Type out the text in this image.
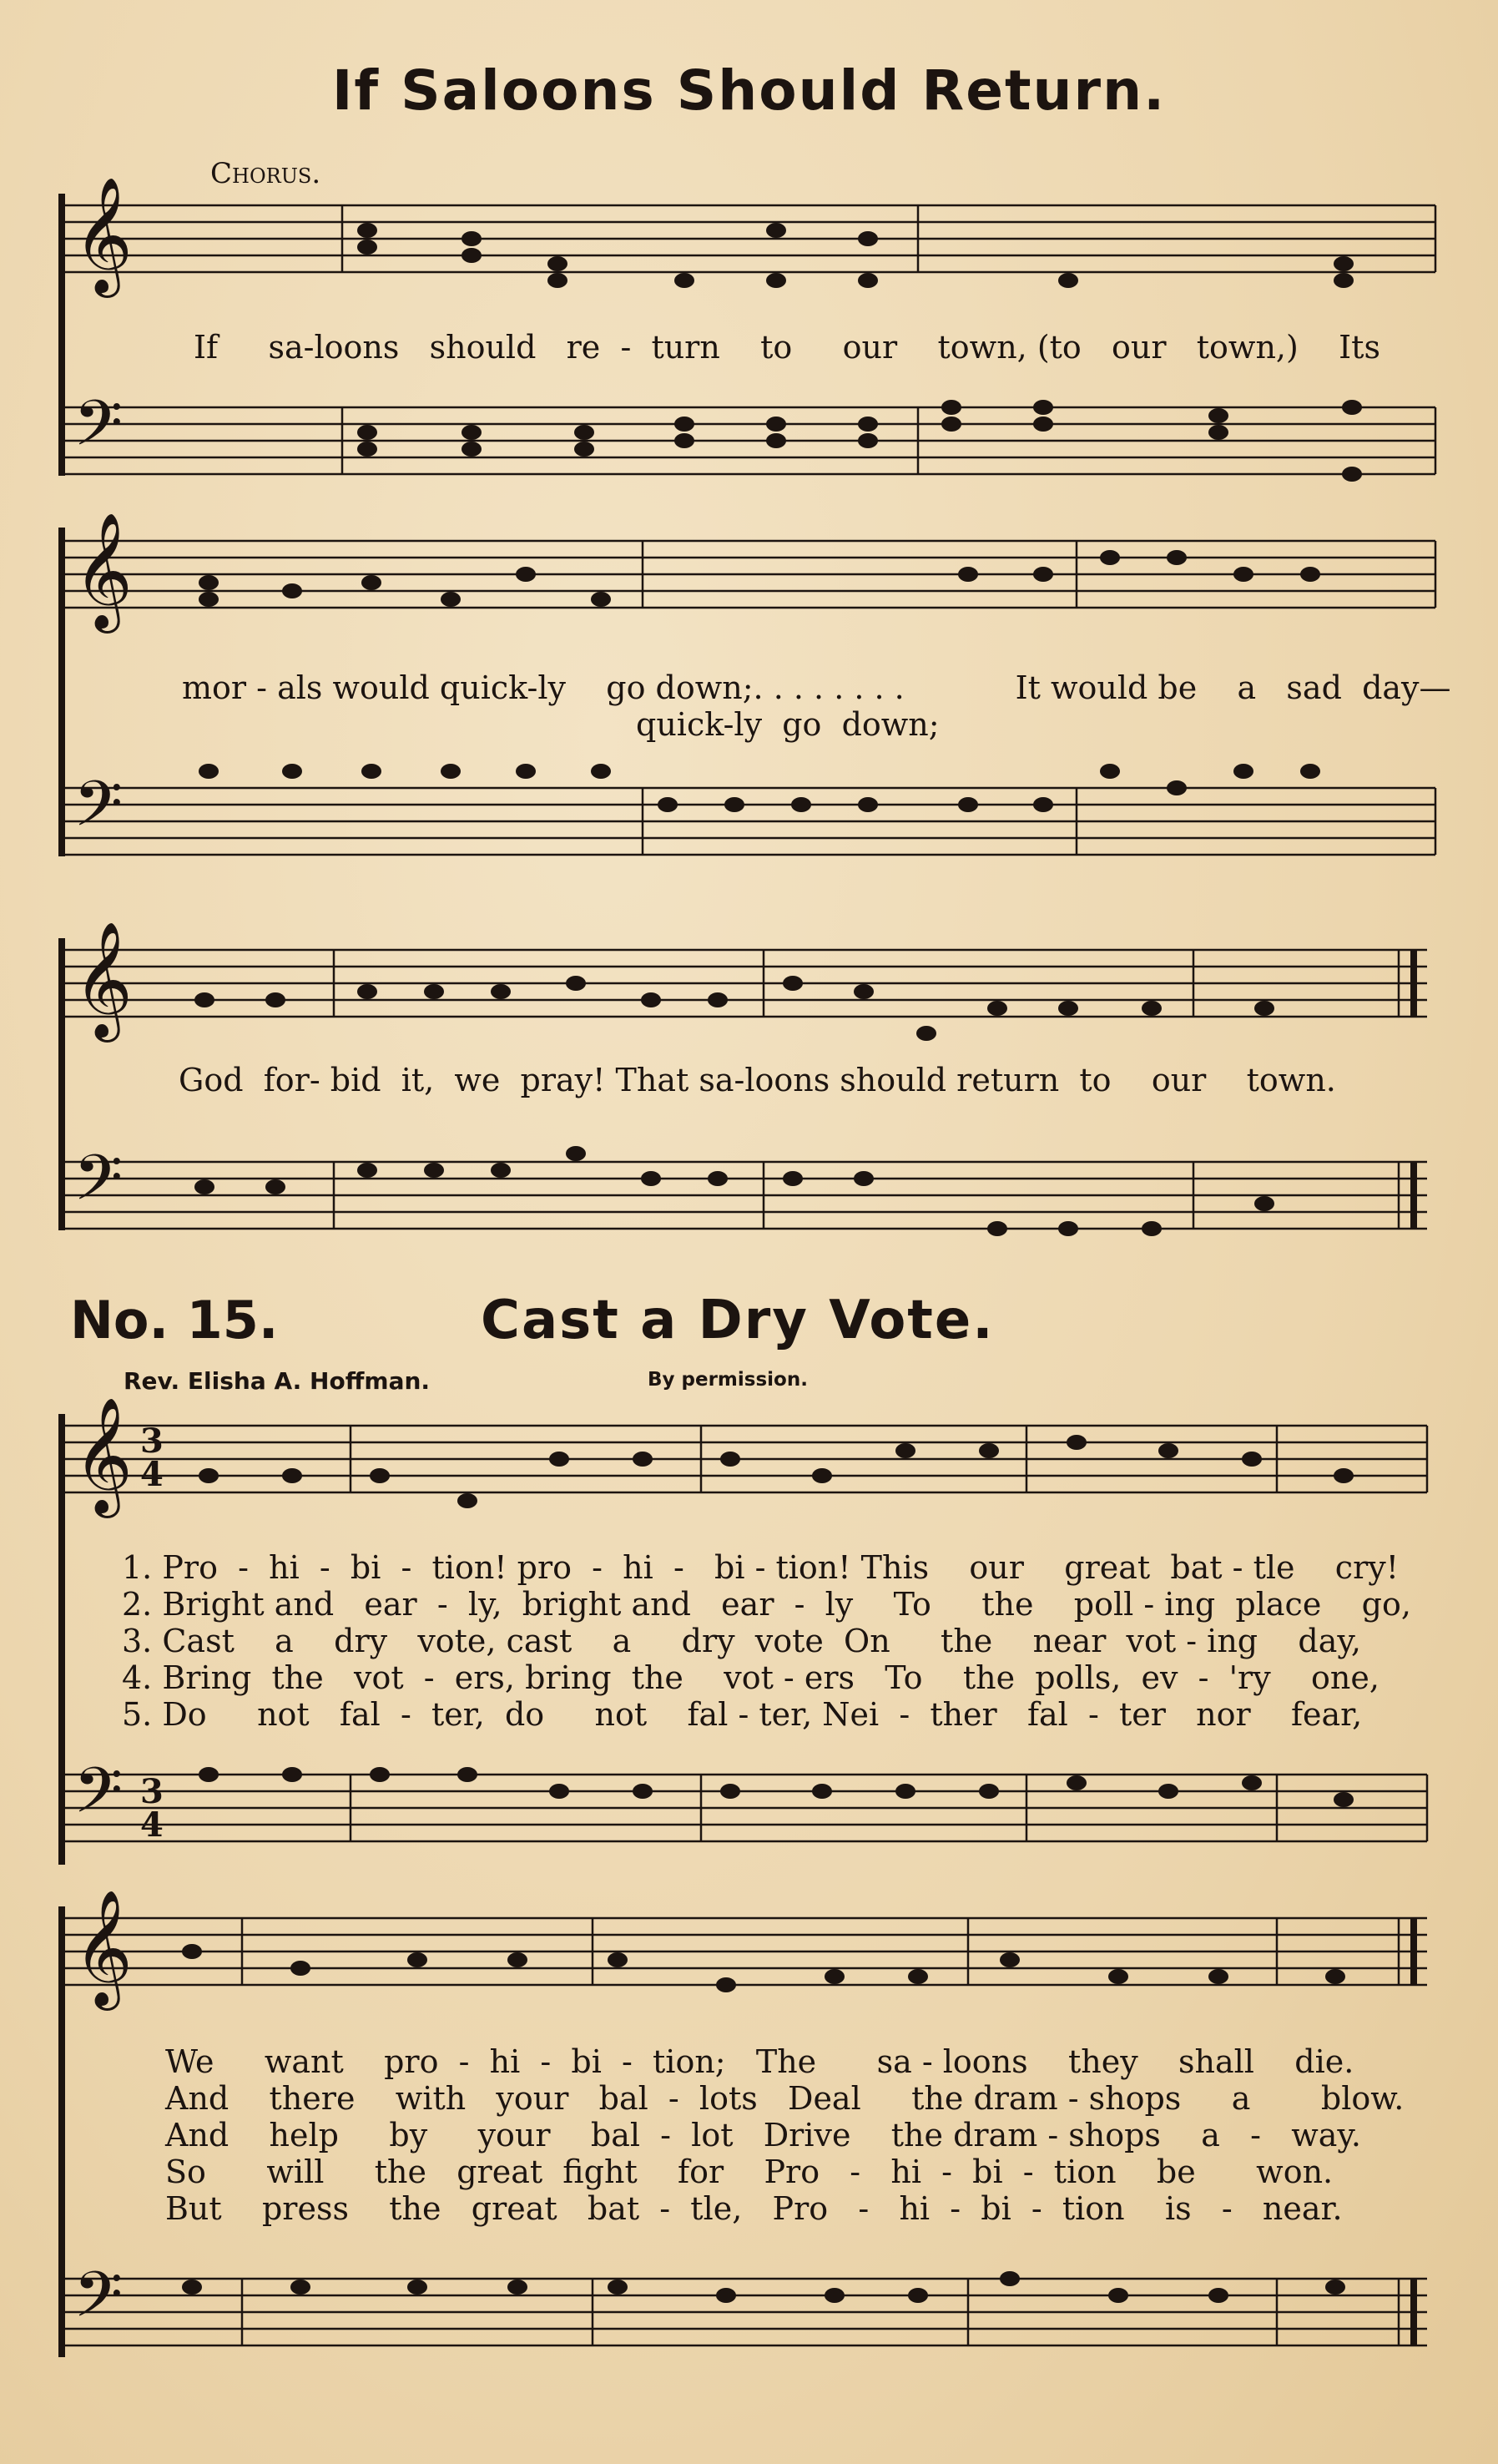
𝄞
𝄢
𝄞
𝄢
𝄞
𝄢
𝄞
𝄢
3
4
3
4
𝄞
𝄢
If Saloons Should Return.
Chorus.
If     sa-loons   should   re  -  turn    to     our    town, (to   our   town,)    Its
mor - als would quick-ly    go down;. . . . . . . .           It would be    a   sad  day—
quick-ly  go  down;
God  for- bid  it,  we  pray! That sa-loons should return  to    our    town.
No. 15.	Cast a Dry Vote.
Rev. Elisha A. Hoffman.	By permission.
1. Pro  -  hi  -  bi  -  tion! pro  -  hi  -   bi - tion! This    our    great  bat - tle    cry!
2. Bright and   ear  -  ly,  bright and   ear  -  ly    To     the    poll - ing  place    go,
3. Cast    a    dry   vote, cast    a     dry  vote  On     the    near  vot - ing    day,
4. Bring  the   vot  -  ers, bring  the    vot - ers   To    the  polls,  ev  -  'ry    one,
5. Do     not   fal  -  ter,  do     not    fal - ter, Nei  -  ther   fal  -  ter   nor    fear,
We     want    pro  -  hi  -  bi  -  tion;   The      sa - loons    they    shall    die.
And    there    with   your   bal  -  lots   Deal     the dram - shops     a       blow.
And    help     by     your    bal  -  lot   Drive    the dram - shops    a   -   way.
So      will     the   great  fight    for    Pro   -   hi  -  bi  -  tion    be      won.
But    press    the   great   bat  -  tle,   Pro   -   hi  -  bi  -  tion    is   -   near.
